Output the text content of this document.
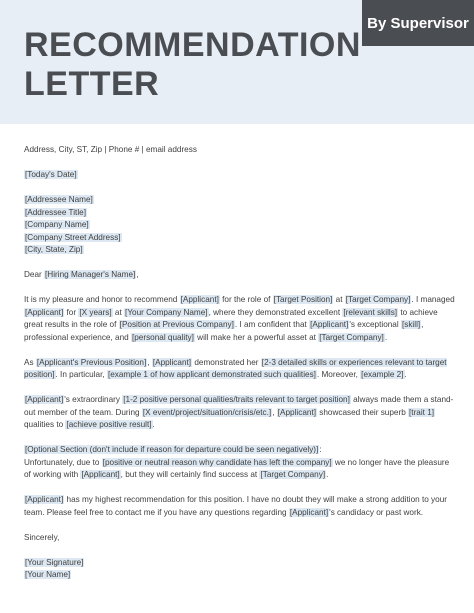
RECOMMENDATION
LETTER
By Supervisor

Address, City, ST, Zip | Phone # | email address

[Today's Date]

[Addressee Name]

[Addressee Title]

[Company Name]

[Company Street Address]

[City, State, Zip]

Dear [Hiring Manager's Name],

It is my pleasure and honor to recommend [Applicant] for the role of [Target Position] at [Target Company]. I managed [Applicant] for [X years] at [Your Company Name], where they demonstrated excellent [relevant skills] to achieve great results in the role of [Position at Previous Company]. I am confident that [Applicant]'s exceptional [skill], professional experience, and [personal quality] will make her a powerful asset at [Target Company].

As [Applicant's Previous Position], [Applicant] demonstrated her [2-3 detailed skills or experiences relevant to target position]. In particular, [example 1 of how applicant demonstrated such qualities]. Moreover, [example 2].

[Applicant]'s extraordinary [1-2 positive personal qualities/traits relevant to target position] always made them a stand-out member of the team. During [X event/project/situation/crisis/etc.], [Applicant] showcased their superb [trait 1] qualities to [achieve positive result].

[Optional Section (don't include if reason for departure could be seen negatively)]:
Unfortunately, due to [positive or neutral reason why candidate has left the company] we no longer have the pleasure of working with [Applicant], but they will certainly find success at [Target Company].

[Applicant] has my highest recommendation for this position. I have no doubt they will make a strong addition to your team. Please feel free to contact me if you have any questions regarding [Applicant]'s candidacy or past work.

Sincerely,

[Your Signature]

[Your Name]
